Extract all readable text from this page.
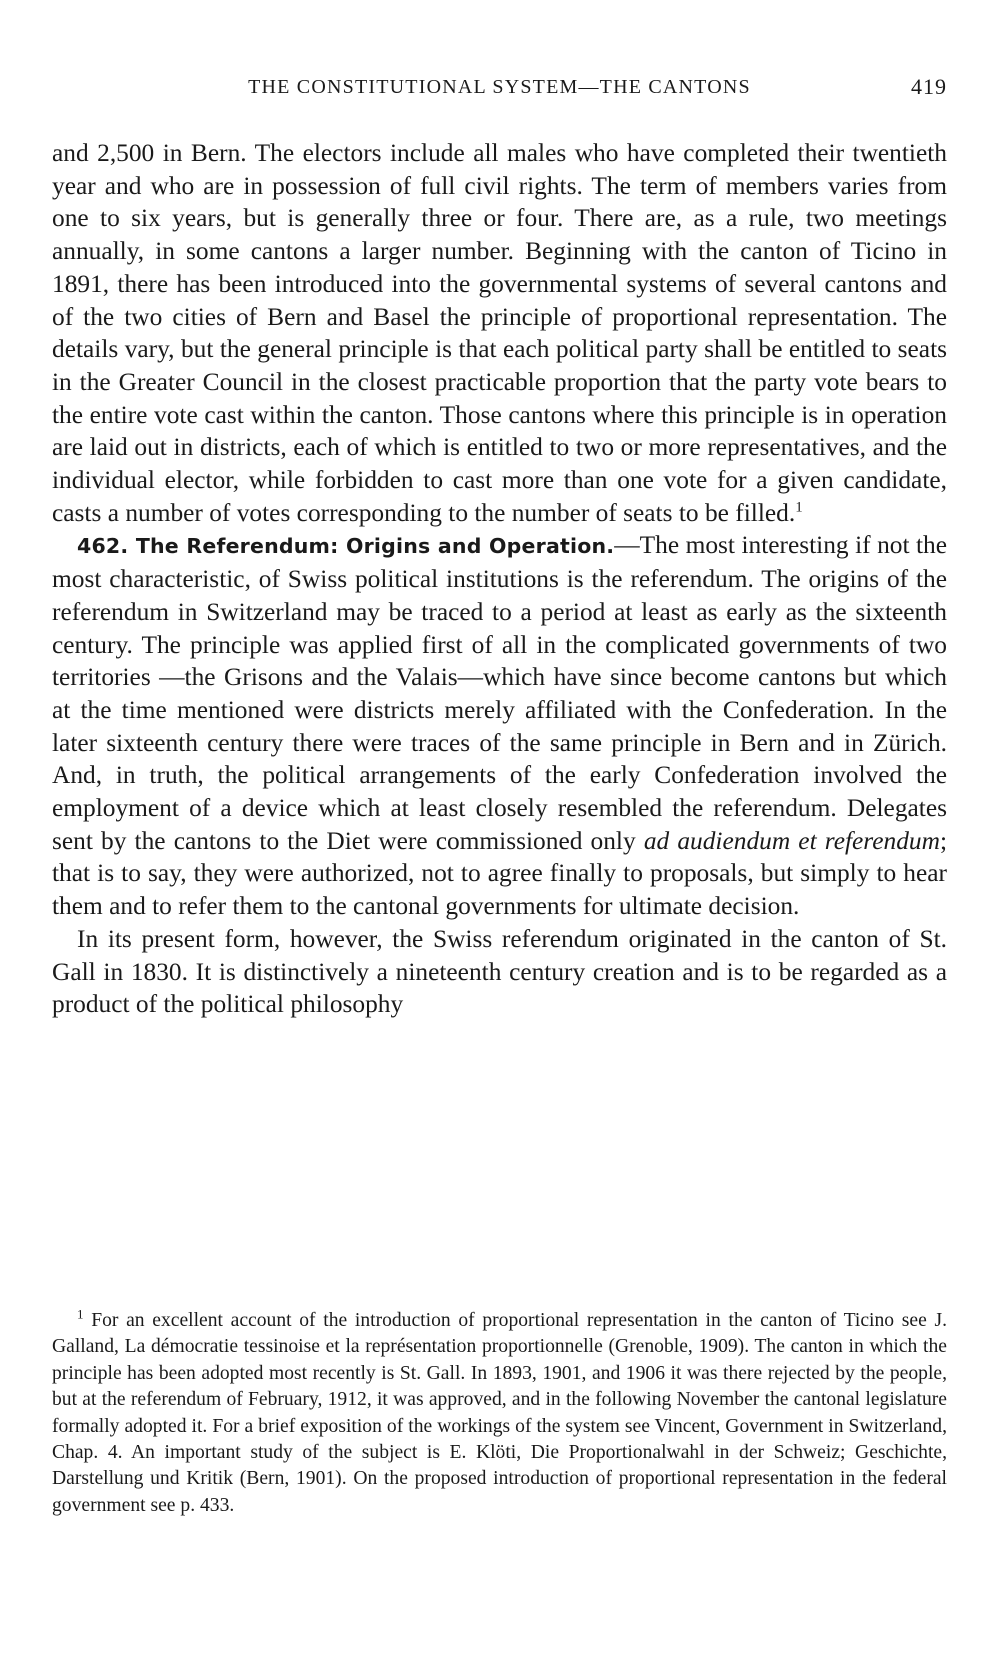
THE CONSTITUTIONAL SYSTEM—THE CANTONS	419

and 2,500 in Bern. The electors include all males who have completed their twentieth year and who are in possession of full civil rights. The term of members varies from one to six years, but is generally three or four. There are, as a rule, two meetings annually, in some cantons a larger number. Beginning with the canton of Ticino in 1891, there has been introduced into the governmental systems of several cantons and of the two cities of Bern and Basel the principle of proportional representation. The details vary, but the general principle is that each political party shall be entitled to seats in the Greater Council in the closest practicable proportion that the party vote bears to the entire vote cast within the canton. Those cantons where this principle is in operation are laid out in districts, each of which is entitled to two or more representatives, and the individual elector, while forbidden to cast more than one vote for a given candidate, casts a number of votes corresponding to the number of seats to be filled.$^1$

462. The Referendum: Origins and Operation.—The most interesting if not the most characteristic, of Swiss political institutions is the referendum. The origins of the referendum in Switzerland may be traced to a period at least as early as the sixteenth century. The principle was applied first of all in the complicated governments of two territories —the Grisons and the Valais—which have since become cantons but which at the time mentioned were districts merely affiliated with the Confederation. In the later sixteenth century there were traces of the same principle in Bern and in Zürich. And, in truth, the political arrangements of the early Confederation involved the employment of a device which at least closely resembled the referendum. Delegates sent by the cantons to the Diet were commissioned only ad audiendum et referendum; that is to say, they were authorized, not to agree finally to proposals, but simply to hear them and to refer them to the cantonal governments for ultimate decision.

In its present form, however, the Swiss referendum originated in the canton of St. Gall in 1830. It is distinctively a nineteenth century creation and is to be regarded as a product of the political philosophy

$^1$ For an excellent account of the introduction of proportional representation in the canton of Ticino see J. Galland, La démocratie tessinoise et la représentation proportionnelle (Grenoble, 1909). The canton in which the principle has been adopted most recently is St. Gall. In 1893, 1901, and 1906 it was there rejected by the people, but at the referendum of February, 1912, it was approved, and in the following November the cantonal legislature formally adopted it. For a brief exposition of the workings of the system see Vincent, Government in Switzerland, Chap. 4. An important study of the subject is E. Klöti, Die Proportionalwahl in der Schweiz; Geschichte, Darstellung und Kritik (Bern, 1901). On the proposed introduction of proportional representation in the federal government see p. 433.
